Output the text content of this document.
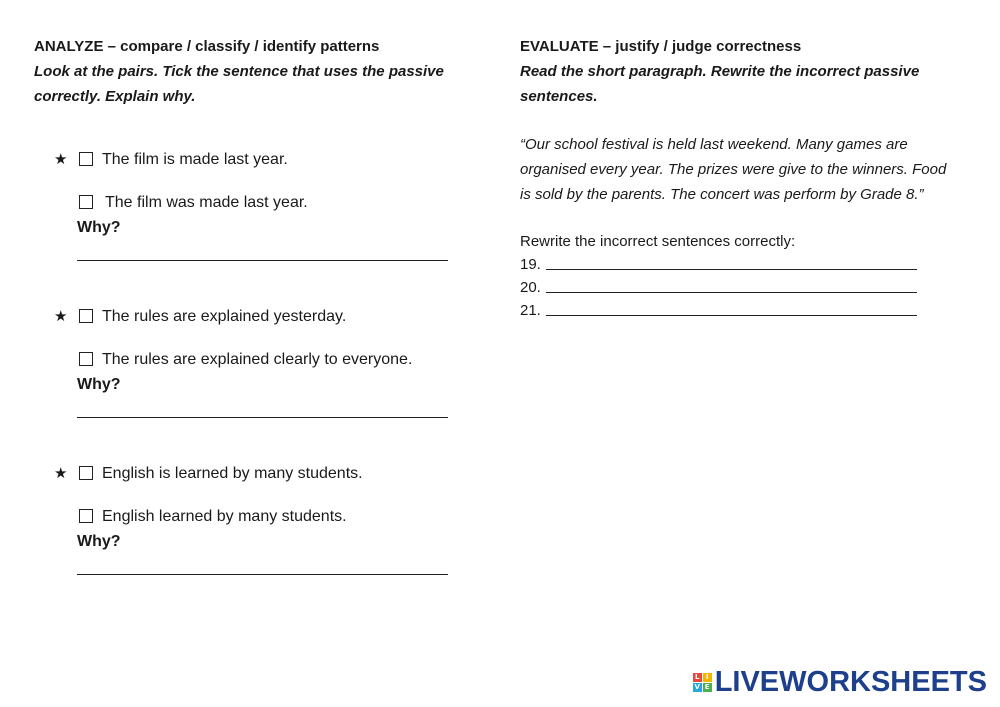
ANALYZE – compare / classify / identify patterns
Look at the pairs. Tick the sentence that uses the passive correctly. Explain why.
★ The film is made last year.
The film was made last year.
Why?
★ The rules are explained yesterday.
The rules are explained clearly to everyone.
Why?
★ English is learned by many students.
English learned by many students.
Why?
EVALUATE – justify / judge correctness
Read the short paragraph. Rewrite the incorrect passive sentences.
“Our school festival is held last weekend. Many games are organised every year. The prizes were give to the winners. Food is sold by the parents. The concert was perform by Grade 8.”
Rewrite the incorrect sentences correctly:
19.
20.
21.
L I
V E LIVEWORKSHEETS
